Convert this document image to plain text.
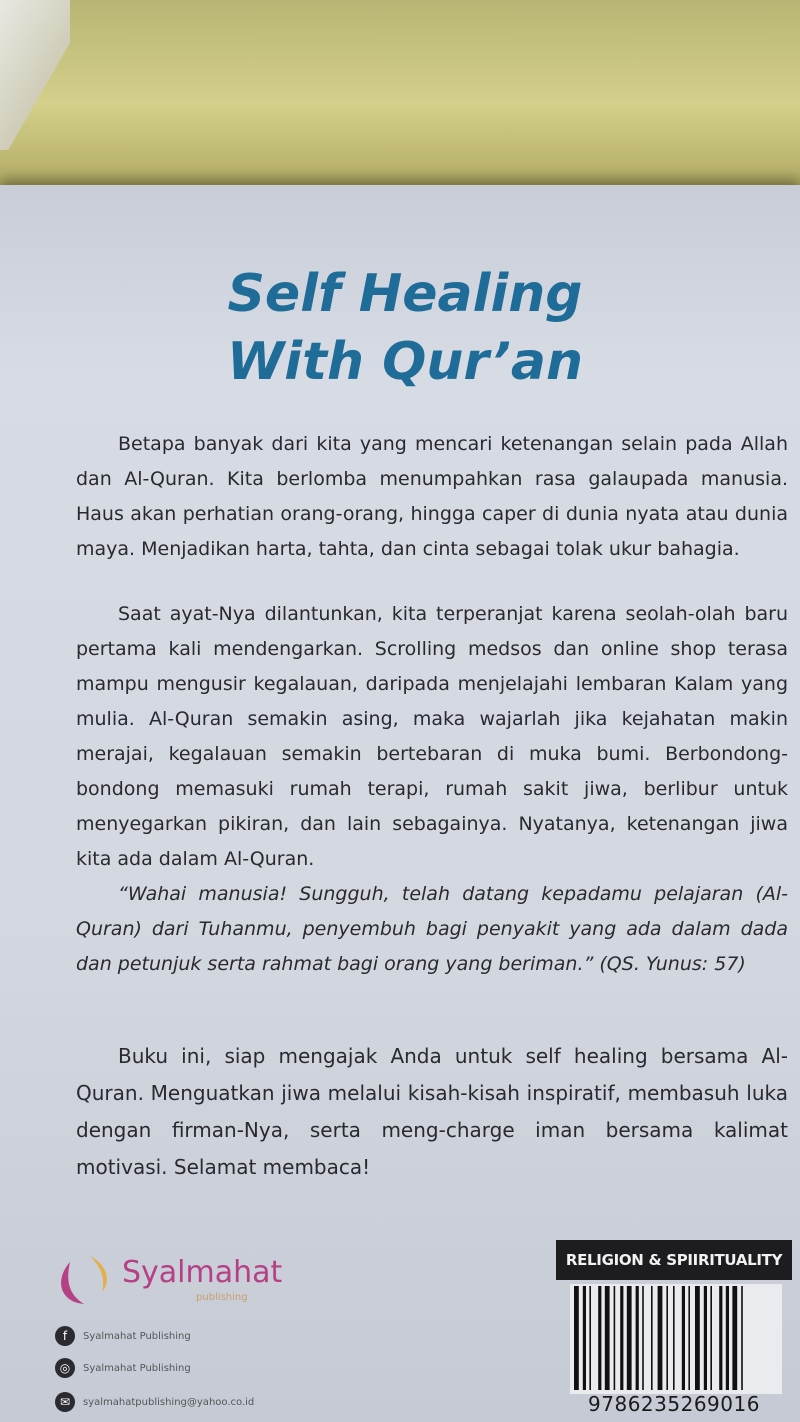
Self Healing
With Qur’an

Betapa banyak dari kita yang mencari ketenangan selain pada Allah dan Al-Quran. Kita berlomba menumpahkan rasa galaupada manusia. Haus akan perhatian orang-orang, hingga caper di dunia nyata atau dunia maya. Menjadikan harta, tahta, dan cinta sebagai tolak ukur bahagia.

Saat ayat-Nya dilantunkan, kita terperanjat karena seolah-olah baru pertama kali mendengarkan. Scrolling medsos dan online shop terasa mampu mengusir kegalauan, daripada menjelajahi lembaran Kalam yang mulia. Al-Quran semakin asing, maka wajarlah jika kejahatan makin merajai, kegalauan semakin bertebaran di muka bumi. Berbondong-bondong memasuki rumah terapi, rumah sakit jiwa, berlibur untuk menyegarkan pikiran, dan lain sebagainya. Nyatanya, ketenangan jiwa kita ada dalam Al-Quran.

“Wahai manusia! Sungguh, telah datang kepadamu pelajaran (Al-Quran) dari Tuhanmu, penyembuh bagi penyakit yang ada dalam dada dan petunjuk serta rahmat bagi orang yang beriman.” (QS. Yunus: 57)

Buku ini, siap mengajak Anda untuk self healing bersama Al-Quran. Menguatkan jiwa melalui kisah-kisah inspiratif, membasuh luka dengan firman-Nya, serta meng-charge iman bersama kalimat motivasi. Selamat membaca!

Syalmahat
publishing
f	Syalmahat Publishing
◎	Syalmahat Publishing
✉	syalmahatpublishing@yahoo.co.id
RELIGION & SPIIRITUALITY
9786235269016
